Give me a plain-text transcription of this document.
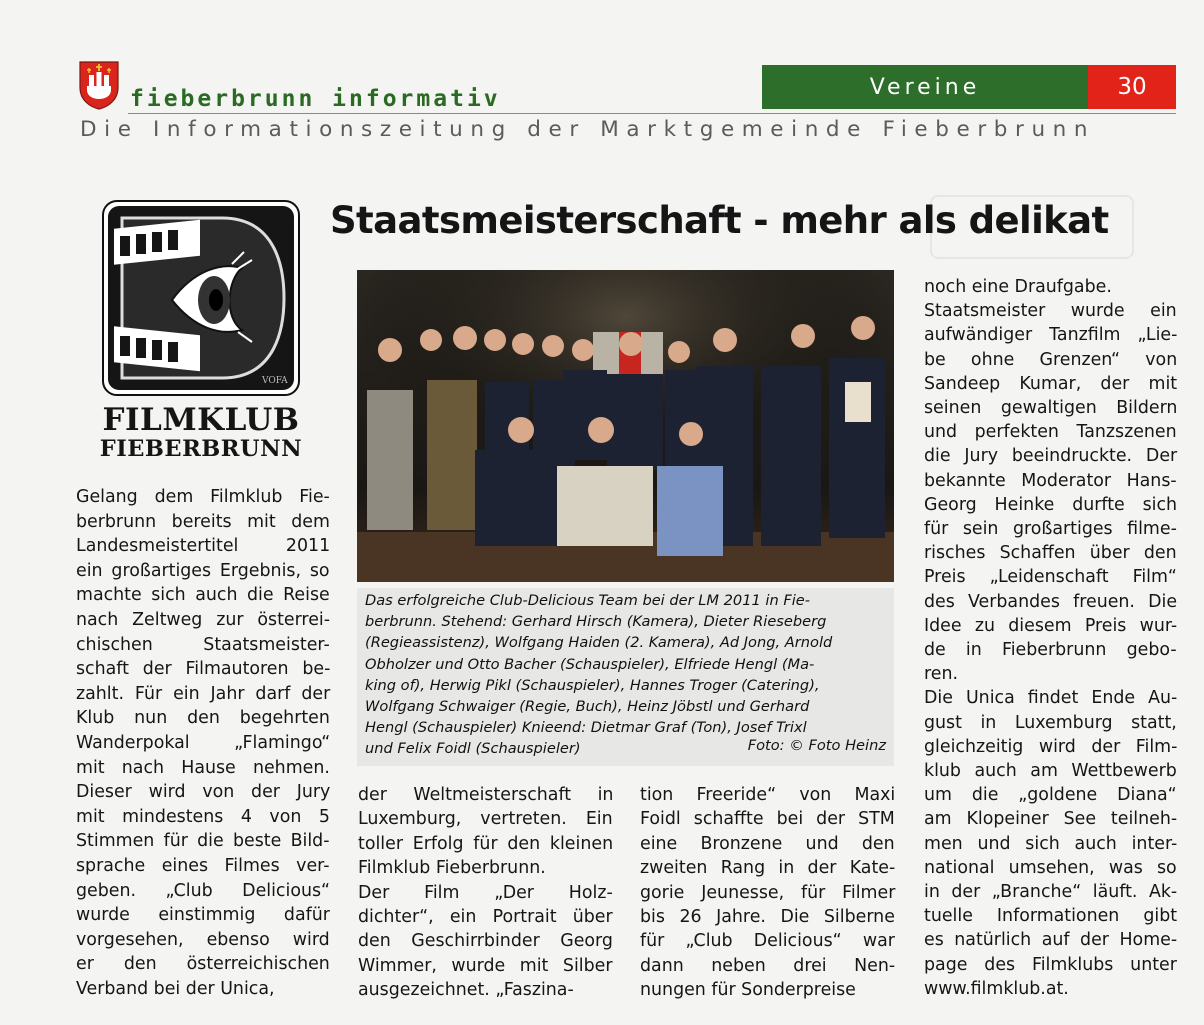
fieberbrunn informativ
Die Informationszeitung der Marktgemeinde Fieberbrunn
Vereine	30
VOFA
FILMKLUB
FIEBERBRUNN
Staatsmeisterschaft - mehr als delikat
Das erfolgreiche Club-Delicious Team bei der LM 2011 in Fie-
berbrunn. Stehend: Gerhard Hirsch (Kamera), Dieter Rieseberg
(Regieassistenz), Wolfgang Haiden (2. Kamera), Ad Jong, Arnold
Obholzer und Otto Bacher (Schauspieler), Elfriede Hengl (Ma-
king of), Herwig Pikl (Schauspieler), Hannes Troger (Catering),
Wolfgang Schwaiger (Regie, Buch), Heinz Jöbstl und Gerhard
Hengl (Schauspieler) Knieend: Dietmar Graf (Ton), Josef Trixl
und Felix Foidl (Schauspieler)	Foto: © Foto Heinz
Gelang dem Filmklub Fie-
berbrunn bereits mit dem
Landesmeistertitel 2011
ein großartiges Ergebnis, so
machte sich auch die Reise
nach Zeltweg zur österrei-
chischen Staatsmeister-
schaft der Filmautoren be-
zahlt. Für ein Jahr darf der
Klub nun den begehrten
Wanderpokal „Flamingo“
mit nach Hause nehmen.
Dieser wird von der Jury
mit mindestens 4 von 5
Stimmen für die beste Bild-
sprache eines Filmes ver-
geben. „Club Delicious“
wurde einstimmig dafür
vorgesehen, ebenso wird
er den österreichischen
Verband bei der Unica,
der Weltmeisterschaft in
Luxemburg, vertreten. Ein
toller Erfolg für den kleinen
Filmklub Fieberbrunn.
Der Film „Der Holz-
dichter“, ein Portrait über
den Geschirrbinder Georg
Wimmer, wurde mit Silber
ausgezeichnet. „Faszina-
tion Freeride“ von Maxi
Foidl schaffte bei der STM
eine Bronzene und den
zweiten Rang in der Kate-
gorie Jeunesse, für Filmer
bis 26 Jahre. Die Silberne
für „Club Delicious“ war
dann neben drei Nen-
nungen für Sonderpreise
noch eine Draufgabe.
Staatsmeister wurde ein
aufwändiger Tanzfilm „Lie-
be ohne Grenzen“ von
Sandeep Kumar, der mit
seinen gewaltigen Bildern
und perfekten Tanzszenen
die Jury beeindruckte. Der
bekannte Moderator Hans-
Georg Heinke durfte sich
für sein großartiges filme-
risches Schaffen über den
Preis „Leidenschaft Film“
des Verbandes freuen. Die
Idee zu diesem Preis wur-
de in Fieberbrunn gebo-
ren.
Die Unica findet Ende Au-
gust in Luxemburg statt,
gleichzeitig wird der Film-
klub auch am Wettbewerb
um die „goldene Diana“
am Klopeiner See teilneh-
men und sich auch inter-
national umsehen, was so
in der „Branche“ läuft. Ak-
tuelle Informationen gibt
es natürlich auf der Home-
page des Filmklubs unter
www.filmklub.at.
